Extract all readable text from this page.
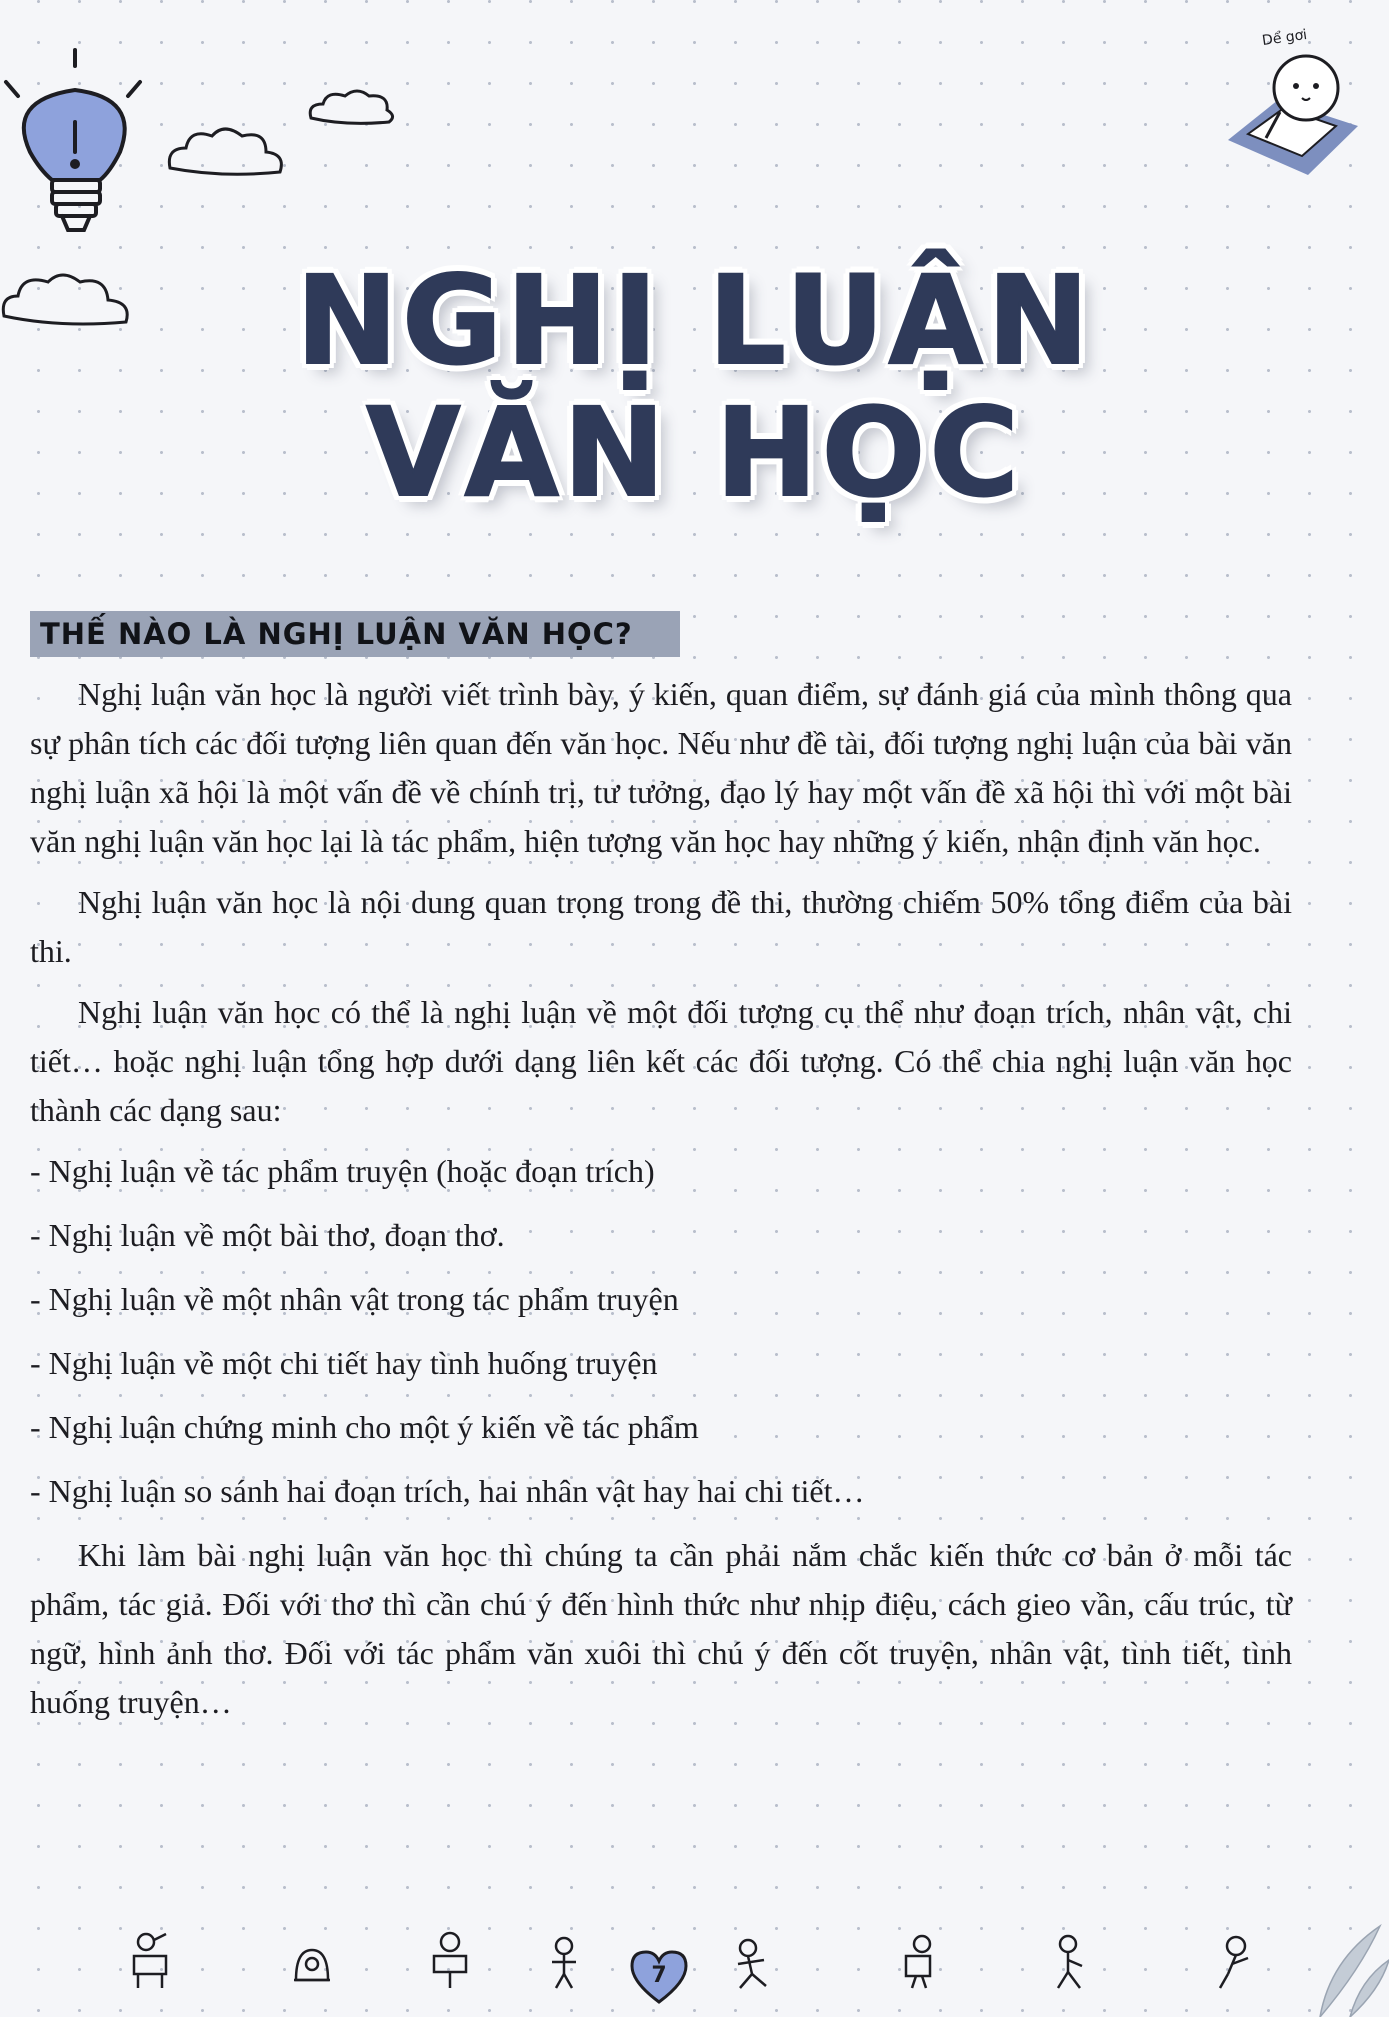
Dể gơi
NGHỊ LUẬN
VĂN HỌC
THẾ NÀO LÀ NGHỊ LUẬN VĂN HỌC?

Nghị luận văn học là người viết trình bày, ý kiến, quan điểm, sự đánh giá của mình thông qua sự phân tích các đối tượng liên quan đến văn học. Nếu như đề tài, đối tượng nghị luận của bài văn nghị luận xã hội là một vấn đề về chính trị, tư tưởng, đạo lý hay một vấn đề xã hội thì với một bài văn nghị luận văn học lại là tác phẩm, hiện tượng văn học hay những ý kiến, nhận định văn học.

Nghị luận văn học là nội dung quan trọng trong đề thi, thường chiếm 50% tổng điểm của bài thi.

Nghị luận văn học có thể là nghị luận về một đối tượng cụ thể như đoạn trích, nhân vật, chi tiết… hoặc nghị luận tổng hợp dưới dạng liên kết các đối tượng. Có thể chia nghị luận văn học thành các dạng sau:

- Nghị luận về tác phẩm truyện (hoặc đoạn trích)
- Nghị luận về một bài thơ, đoạn thơ.
- Nghị luận về một nhân vật trong tác phẩm truyện
- Nghị luận về một chi tiết hay tình huống truyện
- Nghị luận chứng minh cho một ý kiến về tác phẩm
- Nghị luận so sánh hai đoạn trích, hai nhân vật hay hai chi tiết…

Khi làm bài nghị luận văn học thì chúng ta cần phải nắm chắc kiến thức cơ bản ở mỗi tác phẩm, tác giả. Đối với thơ thì cần chú ý đến hình thức như nhịp điệu, cách gieo vần, cấu trúc, từ ngữ, hình ảnh thơ. Đối với tác phẩm văn xuôi thì chú ý đến cốt truyện, nhân vật, tình tiết, tình huống truyện…

7
